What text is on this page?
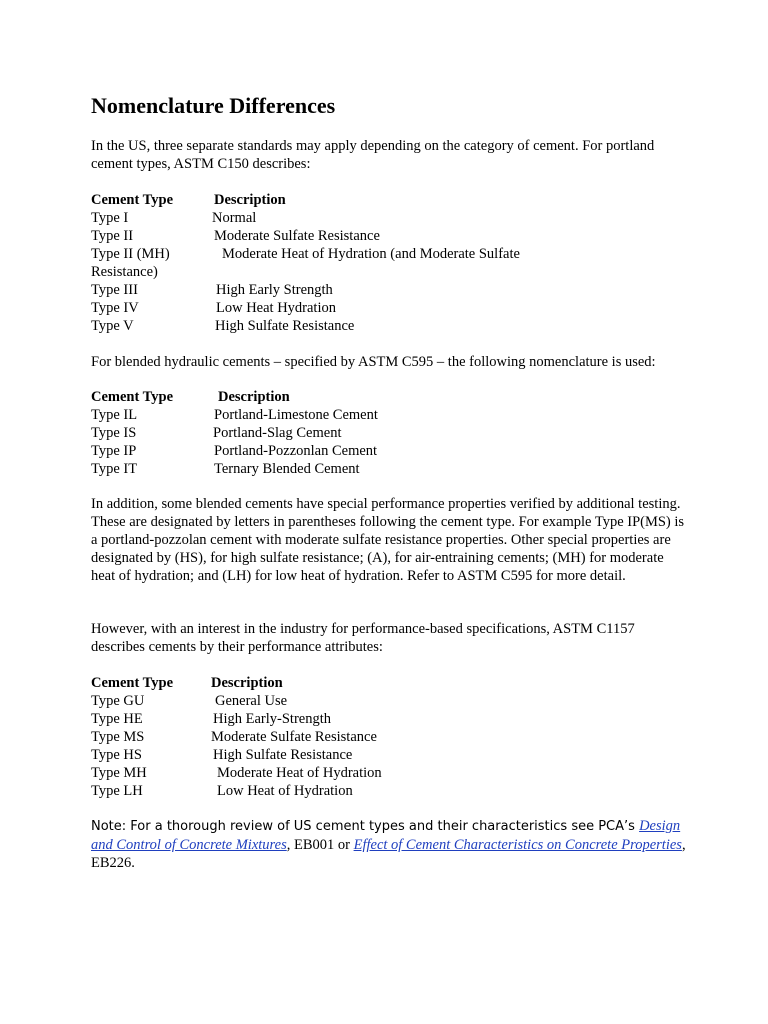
Nomenclature Differences

In the US, three separate standards may apply depending on the category of cement. For portland cement types, ASTM C150 describes:

Cement Type	Description
Type I	Normal
Type II	Moderate Sulfate Resistance
Type II (MH)	Moderate Heat of Hydration (and Moderate Sulfate
Resistance)
Type III	High Early Strength
Type IV	Low Heat Hydration
Type V	High Sulfate Resistance

For blended hydraulic cements – specified by ASTM C595 – the following nomenclature is used:

Cement Type	Description
Type IL	Portland-Limestone Cement
Type IS	Portland-Slag Cement
Type IP	Portland-Pozzonlan Cement
Type IT	Ternary Blended Cement

In addition, some blended cements have special performance properties verified by additional testing. These are designated by letters in parentheses following the cement type. For example Type IP(MS) is a portland-pozzolan cement with moderate sulfate resistance properties. Other special properties are designated by (HS), for high sulfate resistance; (A), for air-entraining cements; (MH) for moderate heat of hydration; and (LH) for low heat of hydration. Refer to ASTM C595 for more detail.

However, with an interest in the industry for performance-based specifications, ASTM C1157 describes cements by their performance attributes:

Cement Type	Description
Type GU	General Use
Type HE	High Early-Strength
Type MS	Moderate Sulfate Resistance
Type HS	High Sulfate Resistance
Type MH	Moderate Heat of Hydration
Type LH	Low Heat of Hydration

Note: For a thorough review of US cement types and their characteristics see PCA’s Design and Control of Concrete Mixtures, EB001 or Effect of Cement Characteristics on Concrete Properties, EB226.
